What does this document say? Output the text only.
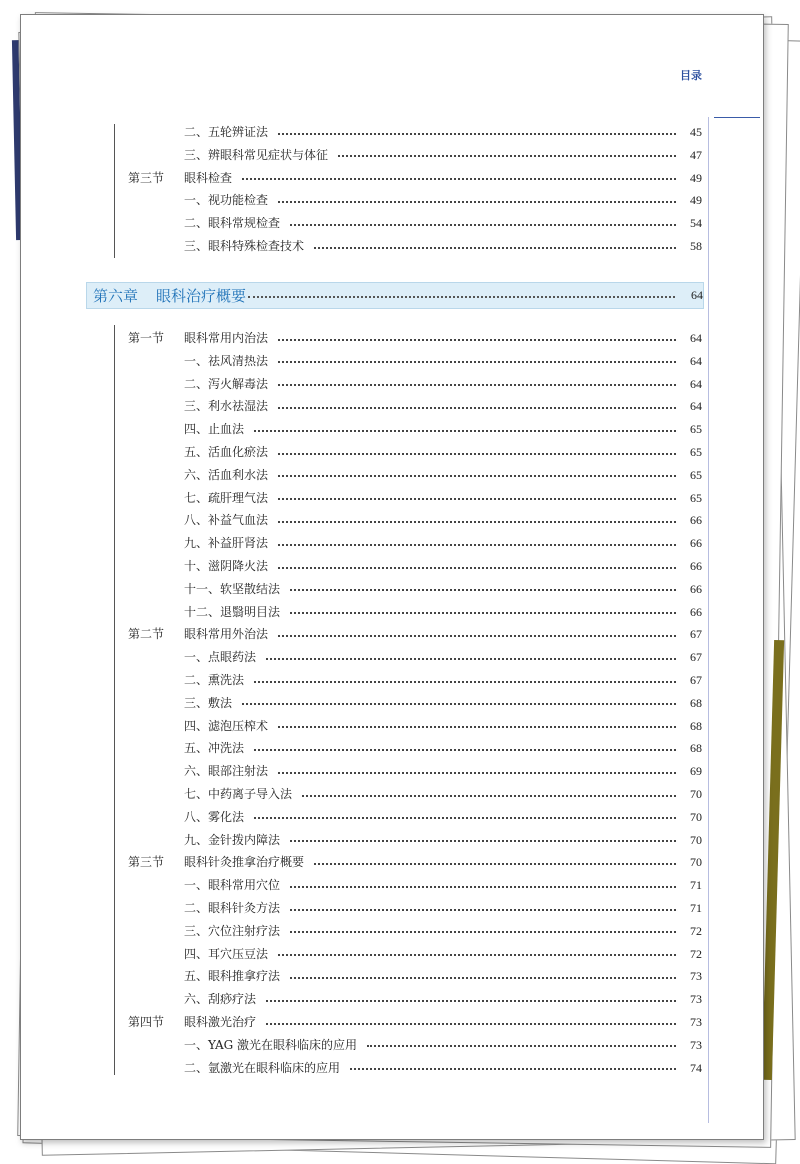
目录
二、五轮辨证法	45
三、辨眼科常见症状与体征	47
第三节	眼科检查	49
一、视功能检查	49
二、眼科常规检查	54
三、眼科特殊检查技术	58
第六章	眼科治疗概要	64
第一节	眼科常用内治法	64
一、祛风清热法	64
二、泻火解毒法	64
三、利水祛湿法	64
四、止血法	65
五、活血化瘀法	65
六、活血利水法	65
七、疏肝理气法	65
八、补益气血法	66
九、补益肝肾法	66
十、滋阴降火法	66
十一、软坚散结法	66
十二、退翳明目法	66
第二节	眼科常用外治法	67
一、点眼药法	67
二、熏洗法	67
三、敷法	68
四、滤泡压榨术	68
五、冲洗法	68
六、眼部注射法	69
七、中药离子导入法	70
八、雾化法	70
九、金针拨内障法	70
第三节	眼科针灸推拿治疗概要	70
一、眼科常用穴位	71
二、眼科针灸方法	71
三、穴位注射疗法	72
四、耳穴压豆法	72
五、眼科推拿疗法	73
六、刮痧疗法	73
第四节	眼科激光治疗	73
一、YAG 激光在眼科临床的应用	73
二、氩激光在眼科临床的应用	74
